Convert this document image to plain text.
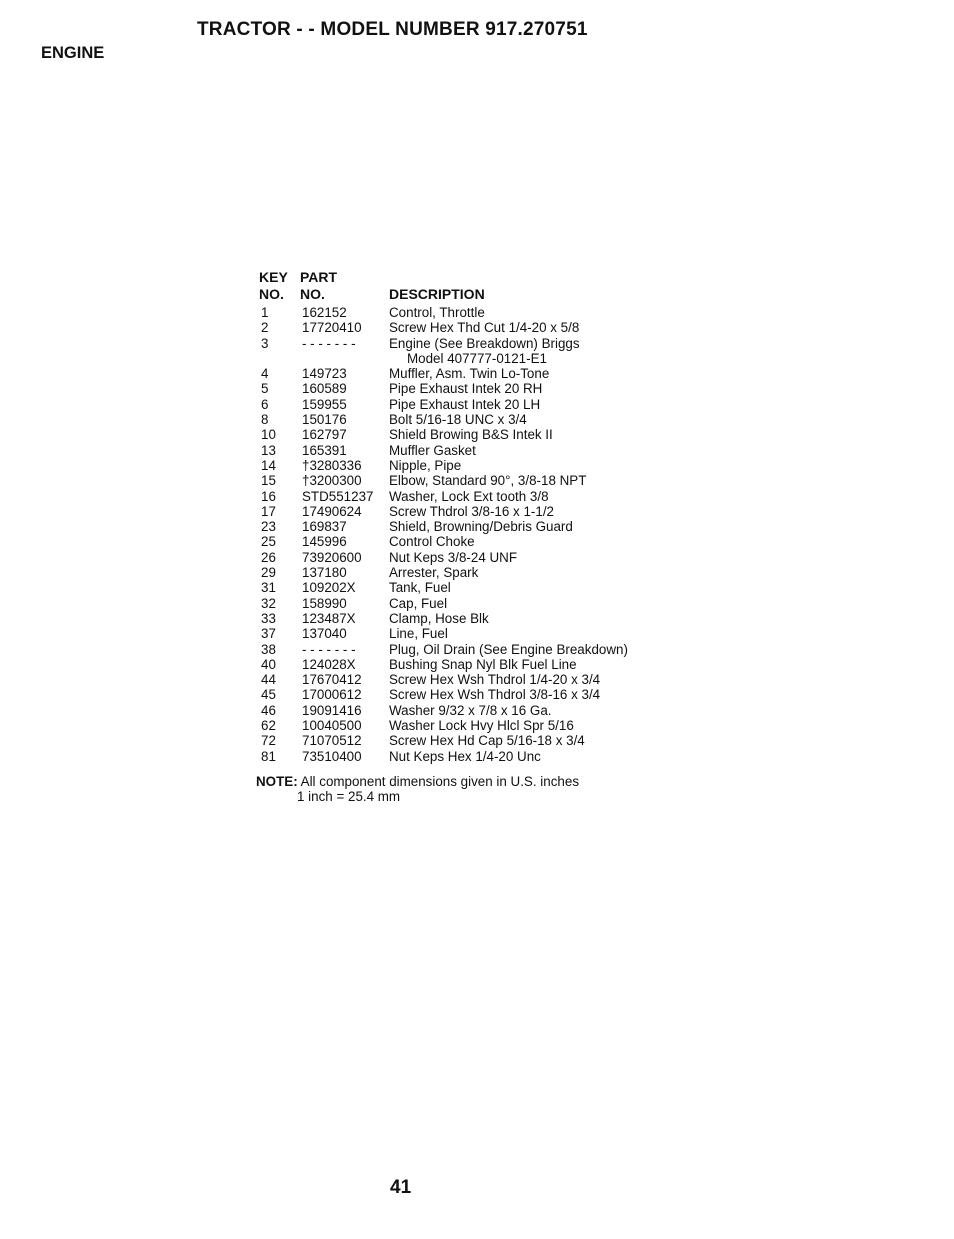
TRACTOR - - MODEL NUMBER 917.270751
ENGINE
KEY PART
NO. NO.	DESCRIPTION
1	162152	Control, Throttle
2	17720410 Screw Hex Thd Cut 1/4-20 x 5/8
3	- - - - - - - Engine (See Breakdown) Briggs
Model 407777-0121-E1
4	149723	Muffler, Asm. Twin Lo-Tone
5	160589	Pipe Exhaust Intek 20 RH
6	159955	Pipe Exhaust Intek 20 LH
8	150176	Bolt 5/16-18 UNC x 3/4
10 162797	Shield Browing B&S Intek II
13 165391	Muffler Gasket
14 †3280336 Nipple, Pipe
15 †3200300 Elbow, Standard 90°, 3/8-18 NPT
16 STD551237 Washer, Lock Ext tooth 3/8
17 17490624 Screw Thdrol 3/8-16 x 1-1/2
23 169837	Shield, Browning/Debris Guard
25 145996	Control Choke
26 73920600 Nut Keps 3/8-24 UNF
29 137180	Arrester, Spark
31 109202X Tank, Fuel
32 158990	Cap, Fuel
33 123487X Clamp, Hose Blk
37 137040	Line, Fuel
38 - - - - - - - Plug, Oil Drain (See Engine Breakdown)
40 124028X Bushing Snap Nyl Blk Fuel Line
44 17670412 Screw Hex Wsh Thdrol 1/4-20 x 3/4
45 17000612 Screw Hex Wsh Thdrol 3/8-16 x 3/4
46 19091416 Washer 9/32 x 7/8 x 16 Ga.
62 10040500 Washer Lock Hvy Hlcl Spr 5/16
72 71070512 Screw Hex Hd Cap 5/16-18 x 3/4
81 73510400 Nut Keps Hex 1/4-20 Unc
NOTE: All component dimensions given in U.S. inches
1 inch = 25.4 mm
41
